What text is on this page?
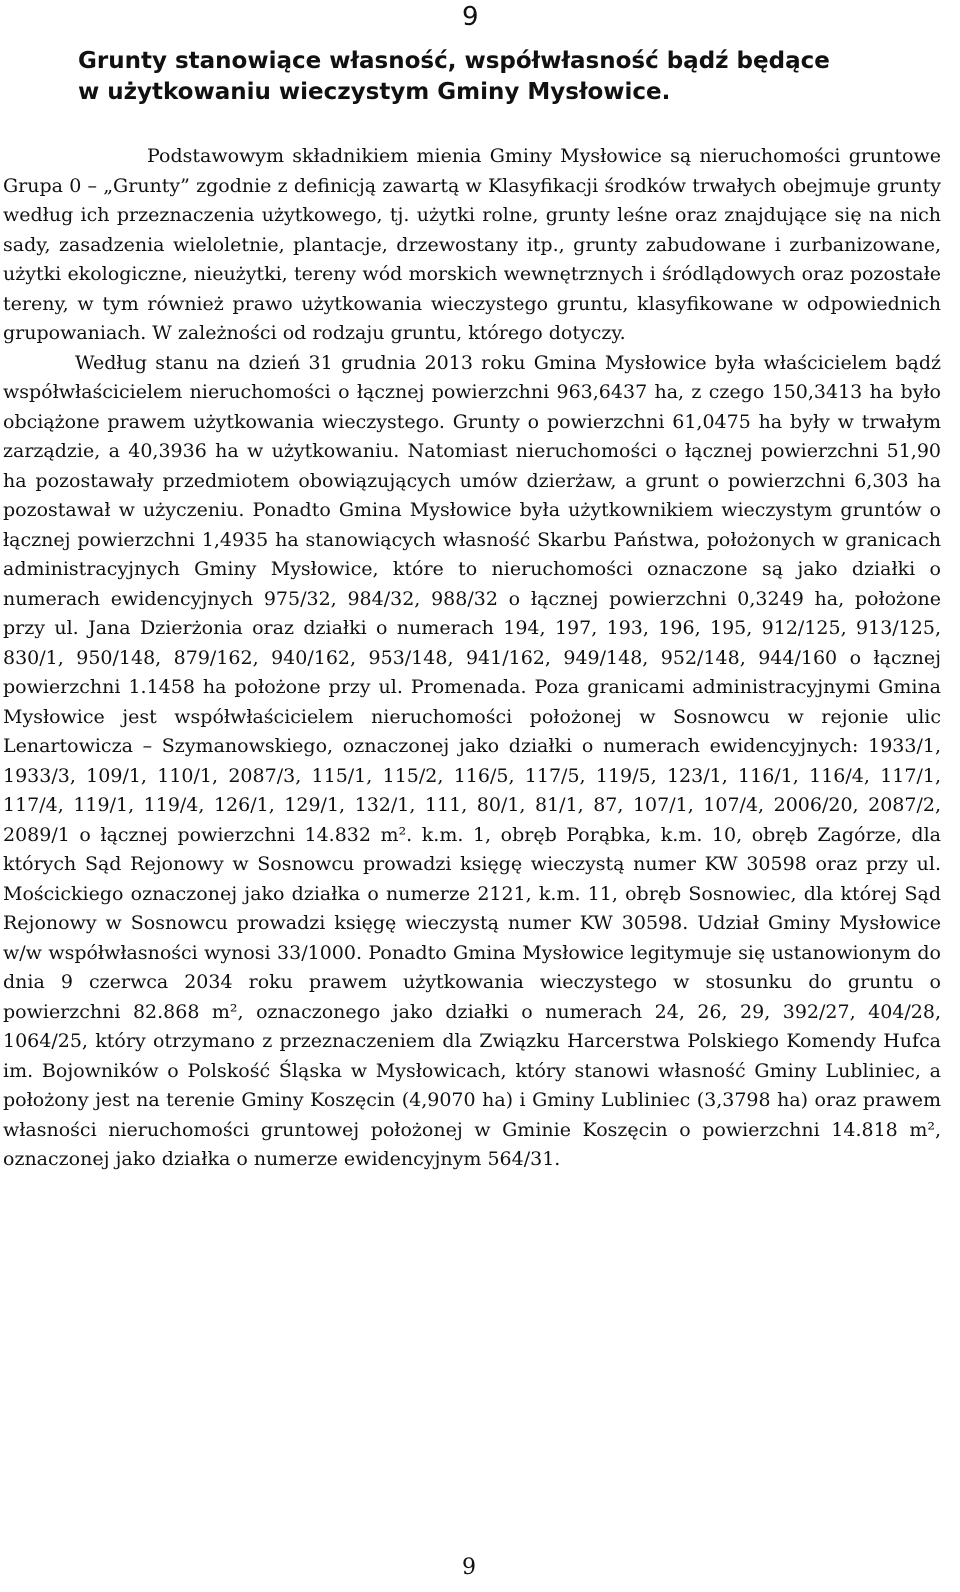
9
Grunty stanowiące własność, współwłasność bądź będące
w użytkowaniu wieczystym Gminy Mysłowice.

Podstawowym składnikiem mienia Gminy Mysłowice są nieruchomości gruntowe Grupa 0 – „Grunty” zgodnie z definicją zawartą w Klasyfikacji środków trwałych obejmuje grunty według ich przeznaczenia użytkowego, tj. użytki rolne, grunty leśne oraz znajdujące się na nich sady, zasadzenia wieloletnie, plantacje, drzewostany itp., grunty zabudowane i zurbanizowane, użytki ekologiczne, nieużytki, tereny wód morskich wewnętrznych i śródlądowych oraz pozostałe tereny, w tym również prawo użytkowania wieczystego gruntu, klasyfikowane w odpowiednich grupowaniach. W zależności od rodzaju gruntu, którego dotyczy.

Według stanu na dzień 31 grudnia 2013 roku Gmina Mysłowice była właścicielem bądź współwłaścicielem nieruchomości o łącznej powierzchni 963,6437 ha, z czego 150,3413 ha było obciążone prawem użytkowania wieczystego. Grunty o powierzchni 61,0475 ha były w trwałym zarządzie, a 40,3936 ha w użytkowaniu. Natomiast nieruchomości o łącznej powierzchni 51,90 ha pozostawały przedmiotem obowiązujących umów dzierżaw, a grunt o powierzchni 6,303 ha pozostawał w użyczeniu. Ponadto Gmina Mysłowice była użytkownikiem wieczystym gruntów o łącznej powierzchni 1,4935 ha stanowiących własność Skarbu Państwa, położonych w granicach administracyjnych Gminy Mysłowice, które to nieruchomości oznaczone są jako działki o numerach ewidencyjnych 975/32, 984/32, 988/32 o łącznej powierzchni 0,3249 ha, położone przy ul. Jana Dzierżonia oraz działki o numerach 194, 197, 193, 196, 195, 912/125, 913/125, 830/1, 950/148, 879/162, 940/162, 953/148, 941/162, 949/148, 952/148, 944/160 o łącznej powierzchni 1.1458 ha położone przy ul. Promenada. Poza granicami administracyjnymi Gmina Mysłowice jest współwłaścicielem nieruchomości położonej w Sosnowcu w rejonie ulic Lenartowicza – Szymanowskiego, oznaczonej jako działki o numerach ewidencyjnych: 1933/1, 1933/3, 109/1, 110/1, 2087/3, 115/1, 115/2, 116/5, 117/5, 119/5, 123/1, 116/1, 116/4, 117/1, 117/4, 119/1, 119/4, 126/1, 129/1, 132/1, 111, 80/1, 81/1, 87, 107/1, 107/4, 2006/20, 2087/2, 2089/1 o łącznej powierzchni 14.832 m². k.m. 1, obręb Porąbka, k.m. 10, obręb Zagórze, dla których Sąd Rejonowy w Sosnowcu prowadzi księgę wieczystą numer KW 30598 oraz przy ul. Mościckiego oznaczonej jako działka o numerze 2121, k.m. 11, obręb Sosnowiec, dla której Sąd Rejonowy w Sosnowcu prowadzi księgę wieczystą numer KW 30598. Udział Gminy Mysłowice w/w współwłasności wynosi 33/1000. Ponadto Gmina Mysłowice legitymuje się ustanowionym do dnia 9 czerwca 2034 roku prawem użytkowania wieczystego w stosunku do gruntu o powierzchni 82.868 m², oznaczonego jako działki o numerach 24, 26, 29, 392/27, 404/28, 1064/25, który otrzymano z przeznaczeniem dla Związku Harcerstwa Polskiego Komendy Hufca im. Bojowników o Polskość Śląska w Mysłowicach, który stanowi własność Gminy Lubliniec, a położony jest na terenie Gminy Koszęcin (4,9070 ha) i Gminy Lubliniec (3,3798 ha) oraz prawem własności nieruchomości gruntowej położonej w Gminie Koszęcin o powierzchni 14.818 m², oznaczonej jako działka o numerze ewidencyjnym 564/31.

9
